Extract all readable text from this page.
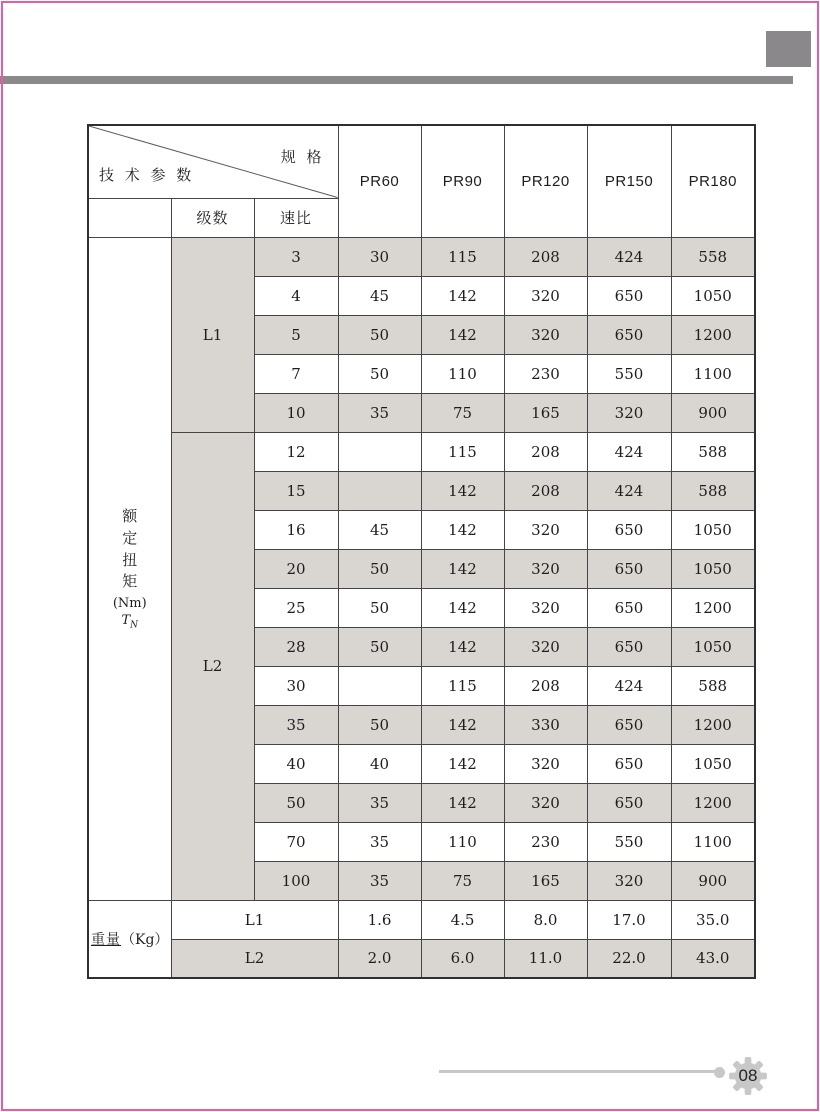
规 格
技 术 参 数			PR60	PR90	PR120	PR150	PR180
	级数	速比					

额定扭矩
(Nm)
$T_N$	L1	3	30	115	208	424	558
		4	45	142	320	650	1050
		5	50	142	320	650	1200
		7	50	110	230	550	1100
		10	35	75	165	320	900
	L2	12		115	208	424	588
		15		142	208	424	588
		16	45	142	320	650	1050
		20	50	142	320	650	1050
		25	50	142	320	650	1200
		28	50	142	320	650	1050
		30		115	208	424	588
		35	50	142	330	650	1200
		40	40	142	320	650	1050
		50	35	142	320	650	1200
		70	35	110	230	550	1100
		100	35	75	165	320	900
重量（Kg）	L1		1.6	4.5	8.0	17.0	35.0
	L2		2.0	6.0	11.0	22.0	43.0
08
